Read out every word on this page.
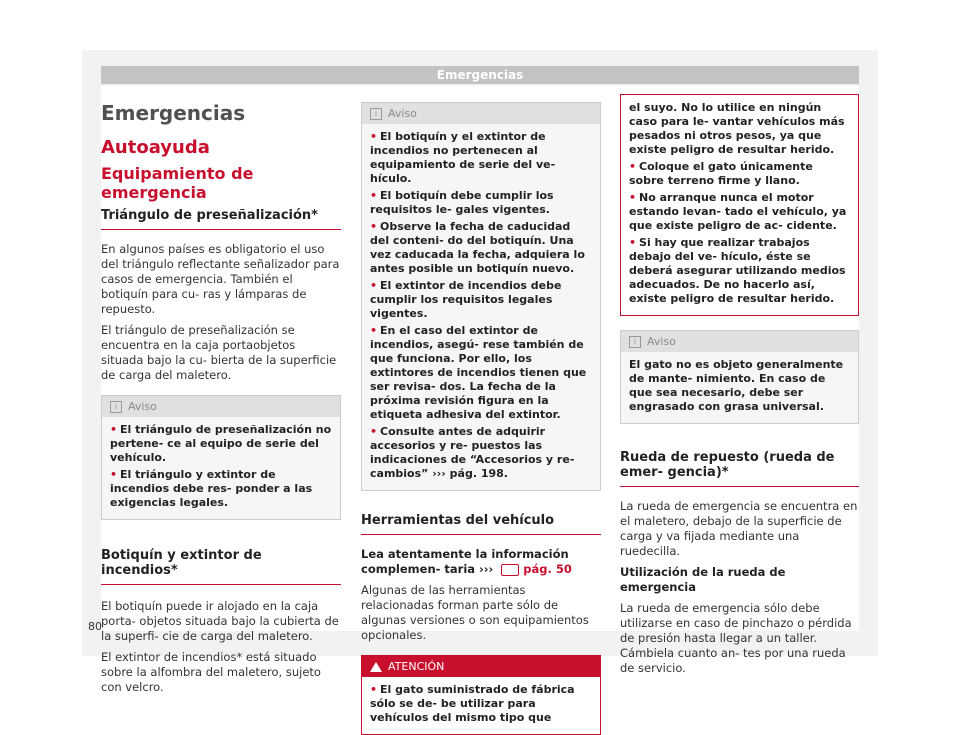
Emergencias
Emergencias
Autoayuda
Equipamiento de emergencia
Triángulo de preseñalización*

En algunos países es obligatorio el uso del triángulo reflectante señalizador para casos de emergencia. También el botiquín para cu- ras y lámparas de repuesto.

El triángulo de preseñalización se encuentra en la caja portaobjetos situada bajo la cu- bierta de la superficie de carga del maletero.

i Aviso

• El triángulo de preseñalización no pertene- ce al equipo de serie del vehículo.

• El triángulo y extintor de incendios debe res- ponder a las exigencias legales.

Botiquín y extintor de incendios*

El botiquín puede ir alojado en la caja porta- objetos situada bajo la cubierta de la superfi- cie de carga del maletero.

El extintor de incendios* está situado sobre la alfombra del maletero, sujeto con velcro.

i Aviso

• El botiquín y el extintor de incendios no pertenecen al equipamiento de serie del ve- hículo.

• El botiquín debe cumplir los requisitos le- gales vigentes.

• Observe la fecha de caducidad del conteni- do del botiquín. Una vez caducada la fecha, adquiera lo antes posible un botiquín nuevo.

• El extintor de incendios debe cumplir los requisitos legales vigentes.

• En el caso del extintor de incendios, asegú- rese también de que funciona. Por ello, los extintores de incendios tienen que ser revisa- dos. La fecha de la próxima revisión figura en la etiqueta adhesiva del extintor.

• Consulte antes de adquirir accesorios y re- puestos las indicaciones de “Accesorios y re- cambios” ››› pág. 198.

Herramientas del vehículo

Lea atentamente la información complemen- taria ››› pág. 50

Algunas de las herramientas relacionadas forman parte sólo de algunas versiones o son equipamientos opcionales.

ATENCIÓN

• El gato suministrado de fábrica sólo se de- be utilizar para vehículos del mismo tipo que

el suyo. No lo utilice en ningún caso para le- vantar vehículos más pesados ni otros pesos, ya que existe peligro de resultar herido.

• Coloque el gato únicamente sobre terreno firme y llano.

• No arranque nunca el motor estando levan- tado el vehículo, ya que existe peligro de ac- cidente.

• Si hay que realizar trabajos debajo del ve- hículo, éste se deberá asegurar utilizando medios adecuados. De no hacerlo así, existe peligro de resultar herido.

i Aviso

El gato no es objeto generalmente de mante- nimiento. En caso de que sea necesario, debe ser engrasado con grasa universal.

Rueda de repuesto (rueda de emer- gencia)*

La rueda de emergencia se encuentra en el maletero, debajo de la superficie de carga y va fijada mediante una ruedecilla.

Utilización de la rueda de emergencia

La rueda de emergencia sólo debe utilizarse en caso de pinchazo o pérdida de presión hasta llegar a un taller. Cámbiela cuanto an- tes por una rueda de servicio.

80
